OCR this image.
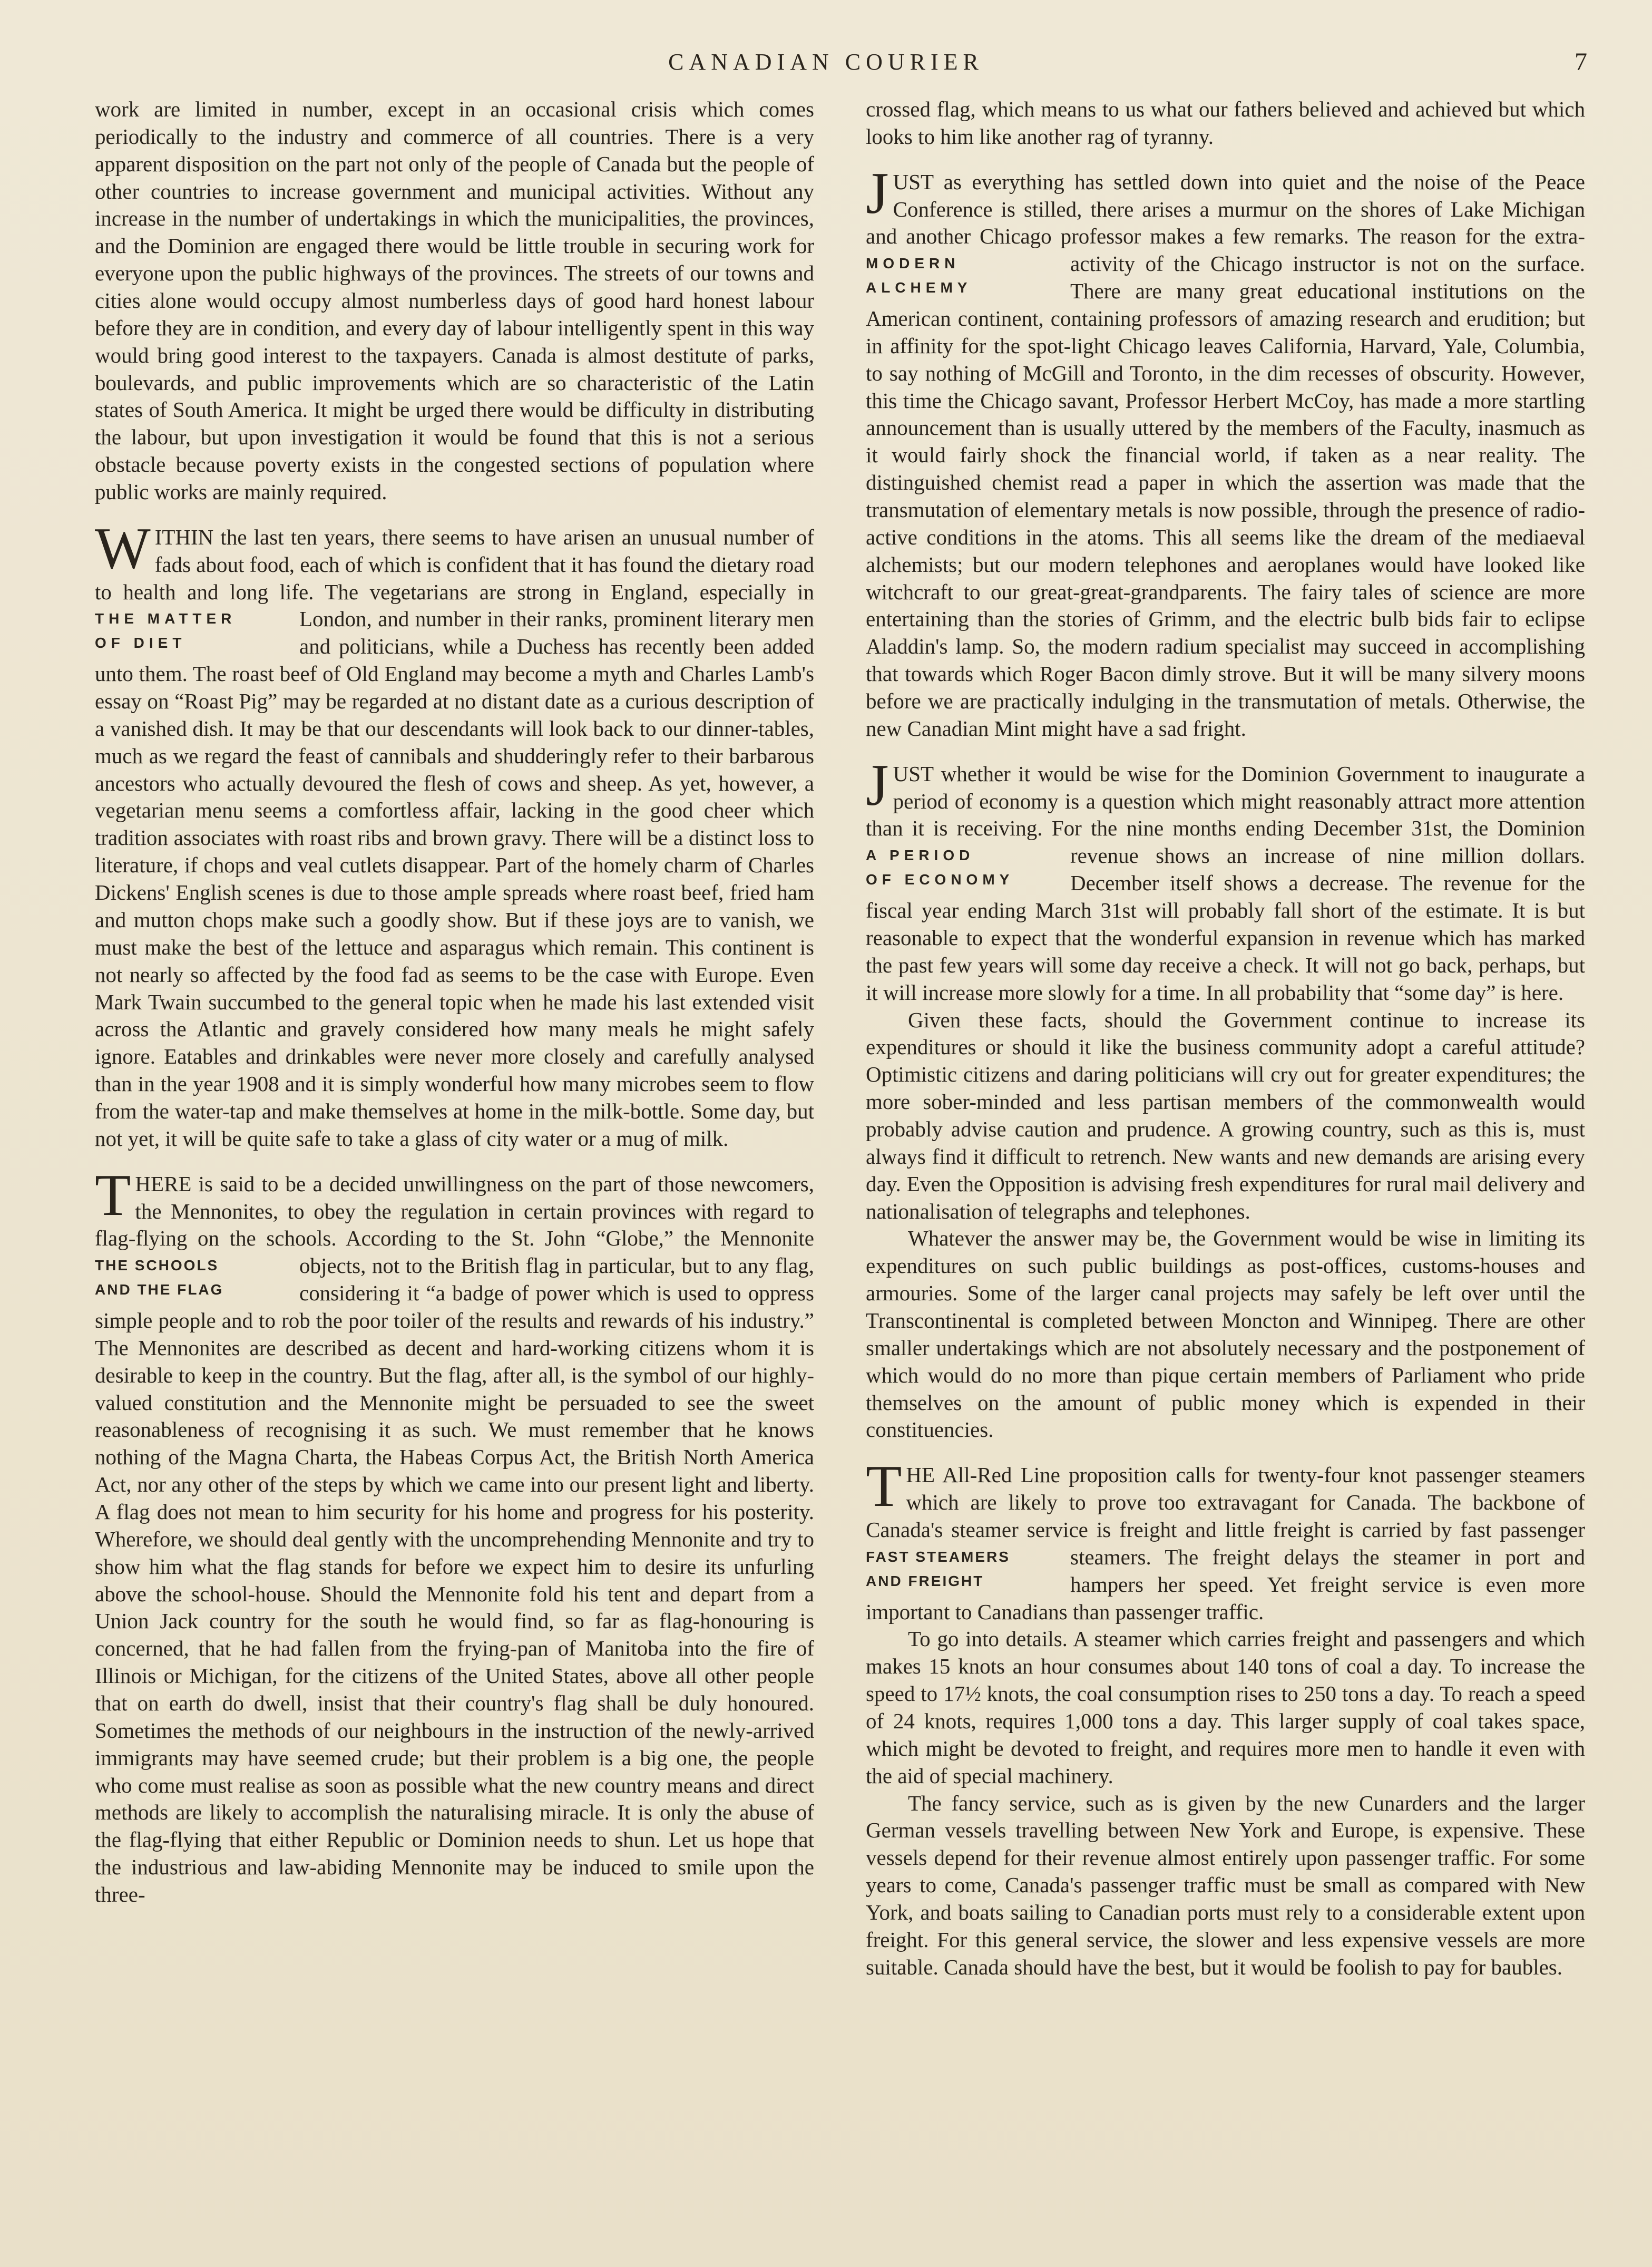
CANADIAN COURIER	7

work are limited in number, except in an occasional crisis which comes periodically to the industry and commerce of all countries. There is a very apparent disposition on the part not only of the people of Canada but the people of other countries to increase government and municipal activities. Without any increase in the number of undertakings in which the municipalities, the provinces, and the Dominion are engaged there would be little trouble in securing work for everyone upon the public highways of the provinces. The streets of our towns and cities alone would occupy almost numberless days of good hard honest labour before they are in condition, and every day of labour intelligently spent in this way would bring good interest to the taxpayers. Canada is almost destitute of parks, boulevards, and public improvements which are so characteristic of the Latin states of South America. It might be urged there would be difficulty in distributing the labour, but upon investigation it would be found that this is not a serious obstacle because poverty exists in the congested sections of population where public works are mainly required.

WITHIN the last ten years, there seems to have arisen an unusual number of fads about food, each of which is confident that it has found the dietary road to health and long life. The vegetarians are strong in England, especially in London, and number in their
THE MATTER
OF DIET
ranks, prominent literary men and politicians, while a Duchess has recently been added unto them. The roast beef of Old England may become a myth and Charles Lamb's essay on “Roast Pig” may be regarded at no distant date as a curious description of a vanished dish. It may be that our descendants will look back to our dinner-tables, much as we regard the feast of cannibals and shudderingly refer to their barbarous ancestors who actually devoured the flesh of cows and sheep. As yet, however, a vegetarian menu seems a comfortless affair, lacking in the good cheer which tradition associates with roast ribs and brown gravy. There will be a distinct loss to literature, if chops and veal cutlets disappear. Part of the homely charm of Charles Dickens' English scenes is due to those ample spreads where roast beef, fried ham and mutton chops make such a goodly show. But if these joys are to vanish, we must make the best of the lettuce and asparagus which remain. This continent is not nearly so affected by the food fad as seems to be the case with Europe. Even Mark Twain succumbed to the general topic when he made his last extended visit across the Atlantic and gravely considered how many meals he might safely ignore. Eatables and drinkables were never more closely and carefully analysed than in the year 1908 and it is simply wonderful how many microbes seem to flow from the water-tap and make themselves at home in the milk-bottle. Some day, but not yet, it will be quite safe to take a glass of city water or a mug of milk.

THERE is said to be a decided unwillingness on the part of those newcomers, the Mennonites, to obey the regulation in certain provinces with regard to flag-flying on the schools. According to the St. John “Globe,” the Mennonite objects, not to the British flag in
THE SCHOOLS
AND THE FLAG
particular, but to any flag, considering it “a badge of power which is used to oppress simple people and to rob the poor toiler of the results and rewards of his industry.” The Mennonites are described as decent and hard-working citizens whom it is desirable to keep in the country. But the flag, after all, is the symbol of our highly-valued constitution and the Mennonite might be persuaded to see the sweet reasonableness of recognising it as such. We must remember that he knows nothing of the Magna Charta, the Habeas Corpus Act, the British North America Act, nor any other of the steps by which we came into our present light and liberty. A flag does not mean to him security for his home and progress for his posterity. Wherefore, we should deal gently with the uncomprehending Mennonite and try to show him what the flag stands for before we expect him to desire its unfurling above the school-house. Should the Mennonite fold his tent and depart from a Union Jack country for the south he would find, so far as flag-honouring is concerned, that he had fallen from the frying-pan of Manitoba into the fire of Illinois or Michigan, for the citizens of the United States, above all other people that on earth do dwell, insist that their country's flag shall be duly honoured. Sometimes the methods of our neighbours in the instruction of the newly-arrived immigrants may have seemed crude; but their problem is a big one, the people who come must realise as soon as possible what the new country means and direct methods are likely to accomplish the naturalising miracle. It is only the abuse of the flag-flying that either Republic or Dominion needs to shun. Let us hope that the industrious and law-abiding Mennonite may be induced to smile upon the three-

crossed flag, which means to us what our fathers believed and achieved but which looks to him like another rag of tyranny.

JUST as everything has settled down into quiet and the noise of the Peace Conference is stilled, there arises a murmur on the shores of Lake Michigan and another Chicago professor makes a few remarks. The reason for the extra-activity of the Chicago instructor is not on
MODERN
ALCHEMY
the surface. There are many great educational institutions on the American continent, containing professors of amazing research and erudition; but in affinity for the spot-light Chicago leaves California, Harvard, Yale, Columbia, to say nothing of McGill and Toronto, in the dim recesses of obscurity. However, this time the Chicago savant, Professor Herbert McCoy, has made a more startling announcement than is usually uttered by the members of the Faculty, inasmuch as it would fairly shock the financial world, if taken as a near reality. The distinguished chemist read a paper in which the assertion was made that the transmutation of elementary metals is now possible, through the presence of radio-active conditions in the atoms. This all seems like the dream of the mediaeval alchemists; but our modern telephones and aeroplanes would have looked like witchcraft to our great-great-grandparents. The fairy tales of science are more entertaining than the stories of Grimm, and the electric bulb bids fair to eclipse Aladdin's lamp. So, the modern radium specialist may succeed in accomplishing that towards which Roger Bacon dimly strove. But it will be many silvery moons before we are practically indulging in the transmutation of metals. Otherwise, the new Canadian Mint might have a sad fright.

JUST whether it would be wise for the Dominion Government to inaugurate a period of economy is a question which might reasonably attract more attention than it is receiving. For the nine months ending December 31st, the Dominion revenue shows an
A PERIOD
OF ECONOMY
increase of nine million dollars. December itself shows a decrease. The revenue for the fiscal year ending March 31st will probably fall short of the estimate. It is but reasonable to expect that the wonderful expansion in revenue which has marked the past few years will some day receive a check. It will not go back, perhaps, but it will increase more slowly for a time. In all probability that “some day” is here.

Given these facts, should the Government continue to increase its expenditures or should it like the business community adopt a careful attitude? Optimistic citizens and daring politicians will cry out for greater expenditures; the more sober-minded and less partisan members of the commonwealth would probably advise caution and prudence. A growing country, such as this is, must always find it difficult to retrench. New wants and new demands are arising every day. Even the Opposition is advising fresh expenditures for rural mail delivery and nationalisation of telegraphs and telephones.

Whatever the answer may be, the Government would be wise in limiting its expenditures on such public buildings as post-offices, customs-houses and armouries. Some of the larger canal projects may safely be left over until the Transcontinental is completed between Moncton and Winnipeg. There are other smaller undertakings which are not absolutely necessary and the postponement of which would do no more than pique certain members of Parliament who pride themselves on the amount of public money which is expended in their constituencies.

THE All-Red Line proposition calls for twenty-four knot passenger steamers which are likely to prove too extravagant for Canada. The backbone of Canada's steamer service is freight and little freight is carried by fast passenger steamers. The freight delays the steamer
FAST STEAMERS
AND FREIGHT
in port and hampers her speed. Yet freight service is even more important to Canadians than passenger traffic.

To go into details. A steamer which carries freight and passengers and which makes 15 knots an hour consumes about 140 tons of coal a day. To increase the speed to 17½ knots, the coal consumption rises to 250 tons a day. To reach a speed of 24 knots, requires 1,000 tons a day. This larger supply of coal takes space, which might be devoted to freight, and requires more men to handle it even with the aid of special machinery.

The fancy service, such as is given by the new Cunarders and the larger German vessels travelling between New York and Europe, is expensive. These vessels depend for their revenue almost entirely upon passenger traffic. For some years to come, Canada's passenger traffic must be small as compared with New York, and boats sailing to Canadian ports must rely to a considerable extent upon freight. For this general service, the slower and less expensive vessels are more suitable. Canada should have the best, but it would be foolish to pay for baubles.
